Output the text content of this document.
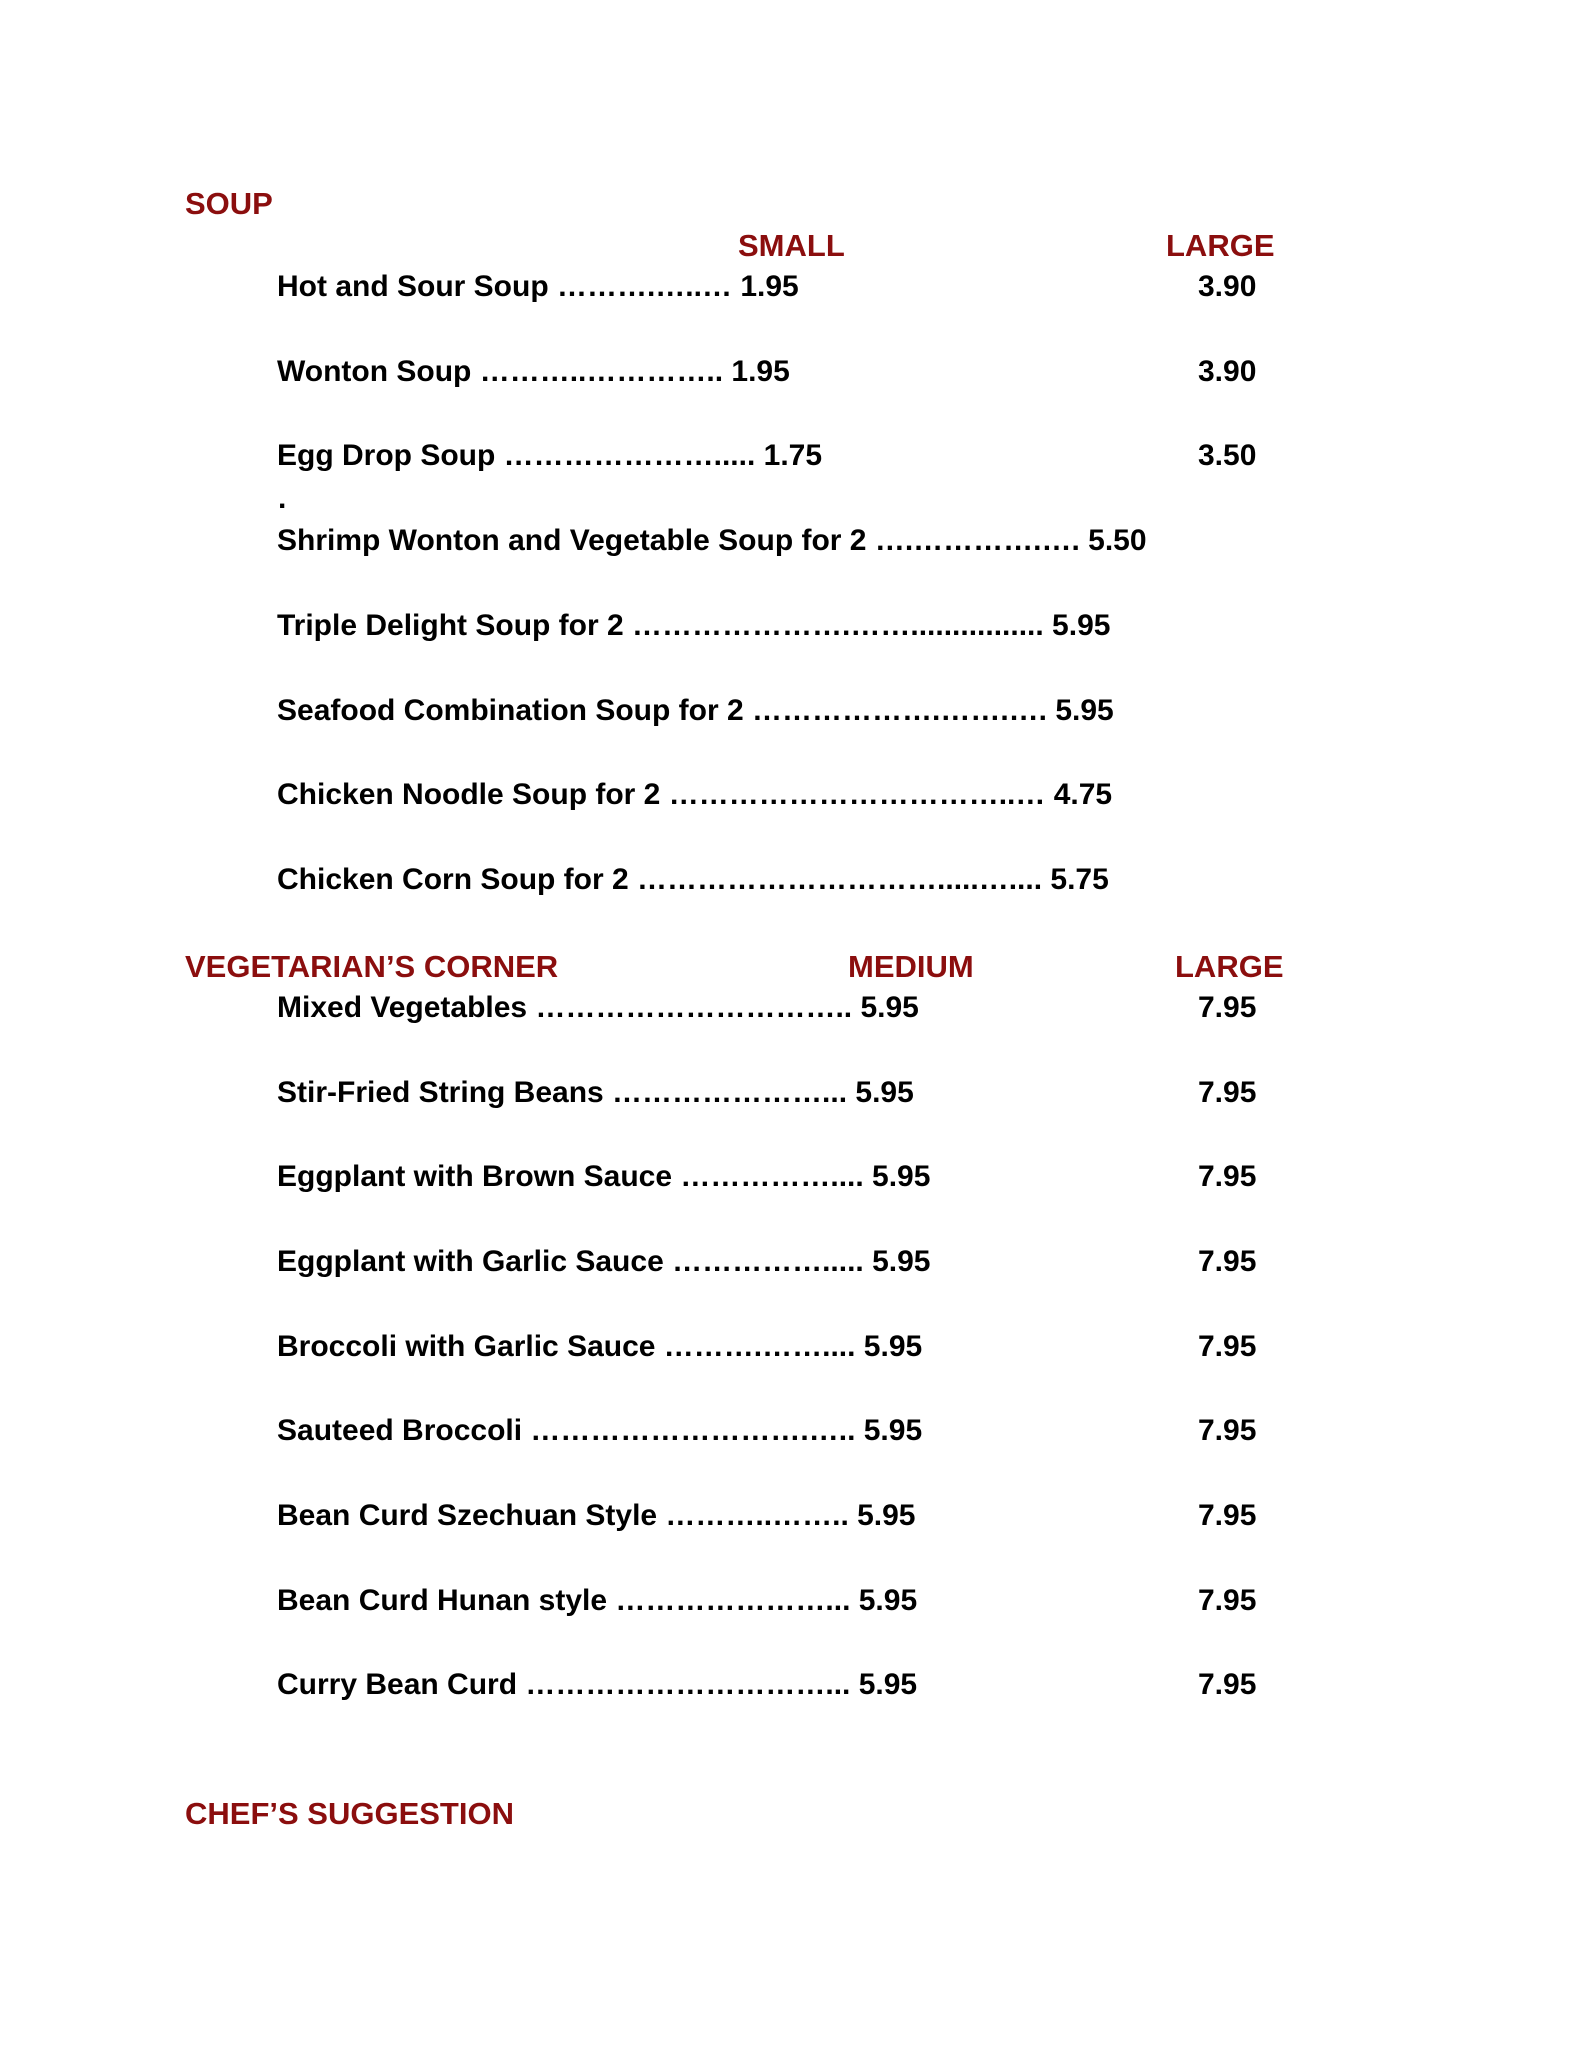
SOUP
SMALL	LARGE
Hot and Sour Soup ……….…..… 1.95	3.90
Wonton Soup ………..………….. 1.95	3.90
Egg Drop Soup …………………..... 1.75	3.50
.
Shrimp Wonton and Vegetable Soup for 2 ….………….…. 5.50
Triple Delight Soup for 2 ………………….……................ 5.95
Seafood Combination Soup for 2 ……………….…….…. 5.95
Chicken Noodle Soup for 2 ……………………………..… 4.75
Chicken Corn Soup for 2 ………………………….....….... 5.75
VEGETARIAN’S CORNER	MEDIUM	LARGE
Mixed Vegetables ………………………….. 5.95	7.95
Stir-Fried String Beans …………………... 5.95	7.95
Eggplant with Brown Sauce …………….... 5.95	7.95
Eggplant with Garlic Sauce ……………..... 5.95	7.95
Broccoli with Garlic Sauce ……….…….... 5.95	7.95
Sauteed Broccoli ……………………….….. 5.95	7.95
Bean Curd Szechuan Style ………..…….. 5.95	7.95
Bean Curd Hunan style …………………... 5.95	7.95
Curry Bean Curd …………………………... 5.95	7.95
CHEF’S SUGGESTION
